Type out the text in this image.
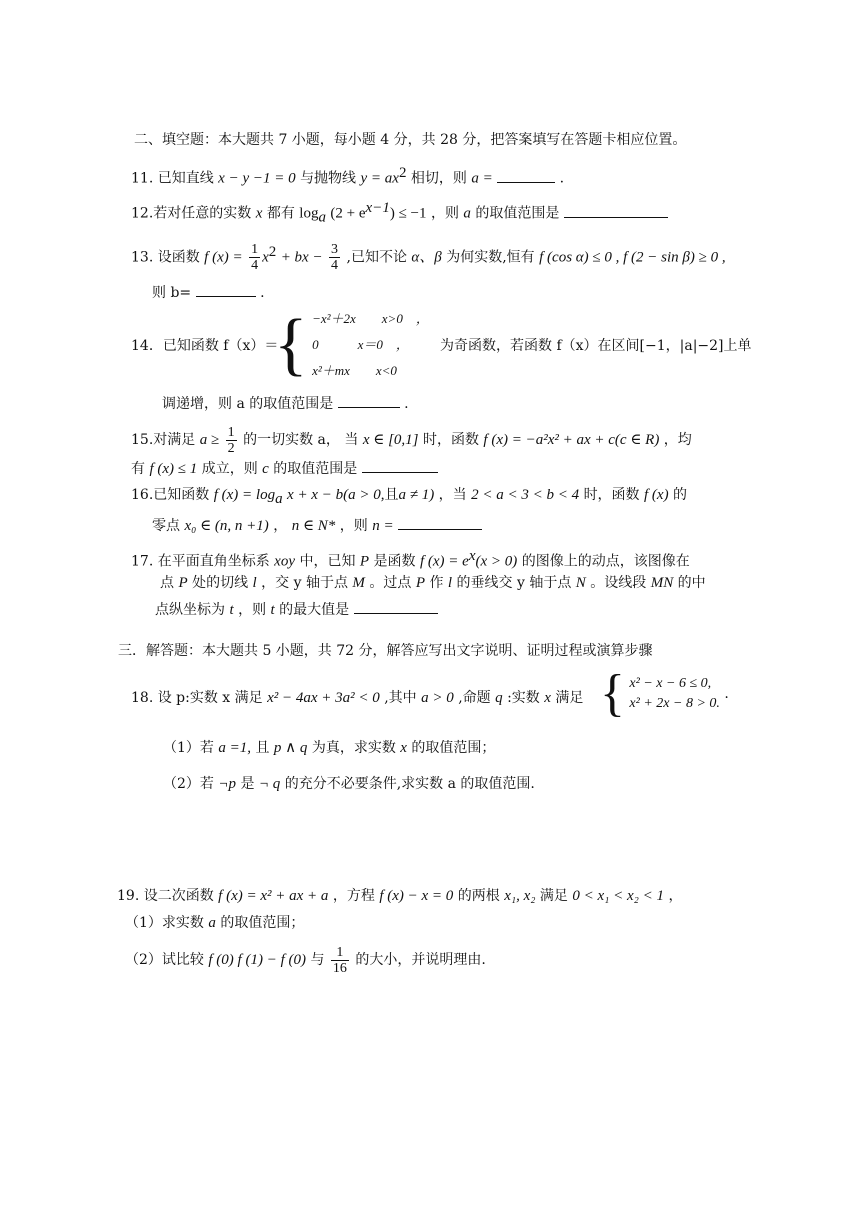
二、填空题：本大题共 7 小题，每小题 4 分，共 28 分，把答案填写在答题卡相应位置。
11. 已知直线 x − y −1 = 0 与抛物线 $y = ax^2$ 相切，则 a =	.
12.若对任意的实数 x 都有 $\log_a (2 + e^{x-1}) \le -1$ ，则 a 的取值范围是
13. 设函数 f $(x) = \frac{1}{4} x^2$ + bx − $\frac{3}{4}$ ,已知不论 α、β 为何实数,恒有 f (cos α) ≤ 0 , f (2 − sin β) ≥ 0 ,
则 b=	.
14．已知函数 f（x）＝
{ −x²＋2x　　x>0　，
0　　　x＝0　，
x²＋mx　　x<0
为奇函数，若函数 f（x）在区间[−1，|a|−2]上单
调递增，则 a 的取值范围是	.
15.对满足 $a \ge \frac{1}{2}$ 的一切实数 a， 当 x ∈ [0,1] 时，函数 f (x) = −a²x² + ax + c(c ∈ R) ，均
有 f (x) ≤ 1 成立，则 c 的取值范围是
16.已知函数 f $(x) = \log_a x + x - b(a > 0$,且a ≠ 1) ，当 2 < a < 3 < b < 4 时，函数 f (x) 的
零点 x₀ ∈ (n, n +1) ， n ∈ N* ，则 n =
17. 在平面直角坐标系 xoy 中，已知 P 是函数 f $(x) = e^x(x > 0)$ 的图像上的动点，该图像在
点 P 处的切线 l ，交 y 轴于点 M 。过点 P 作 l 的垂线交 y 轴于点 N 。设线段 MN 的中
点纵坐标为 t ，则 t 的最大值是
三．解答题：本大题共 5 小题，共 72 分，解答应写出文字说明、证明过程或演算步骤
18. 设 p:实数 x 满足 x² − 4ax + 3a² < 0 ,其中 a > 0 ,命题 q :实数 x 满足 { x² − x − 6 ≤ 0,
x² + 2x − 8 > 0.
.
（1）若 a =1, 且 p ∧ q 为真，求实数 x 的取值范围；
（2）若 ¬p 是 ¬ q 的充分不必要条件,求实数 a 的取值范围.
19. 设二次函数 f (x) = x² + ax + a ，方程 f (x) − x = 0 的两根 x₁, x₂ 满足 0 < x₁ < x₂ < 1 ，
（1）求实数 a 的取值范围；
（2）试比较 f (0) f (1) − f (0) 与 $\frac{1}{16}$ 的大小，并说明理由.
